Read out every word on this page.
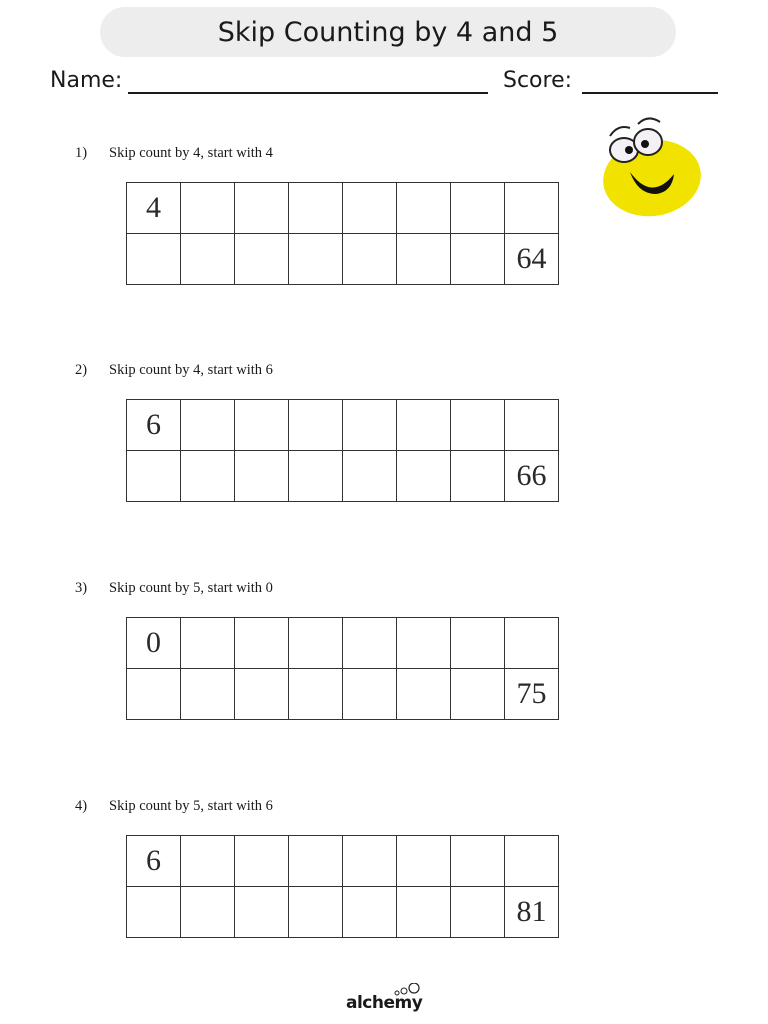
Skip Counting by 4 and 5
Name:	Score:
1) Skip count by 4, start with 4
4
64
2) Skip count by 4, start with 6
6
66
3) Skip count by 5, start with 0
0
75
4) Skip count by 5, start with 6
6
81
alchemy
